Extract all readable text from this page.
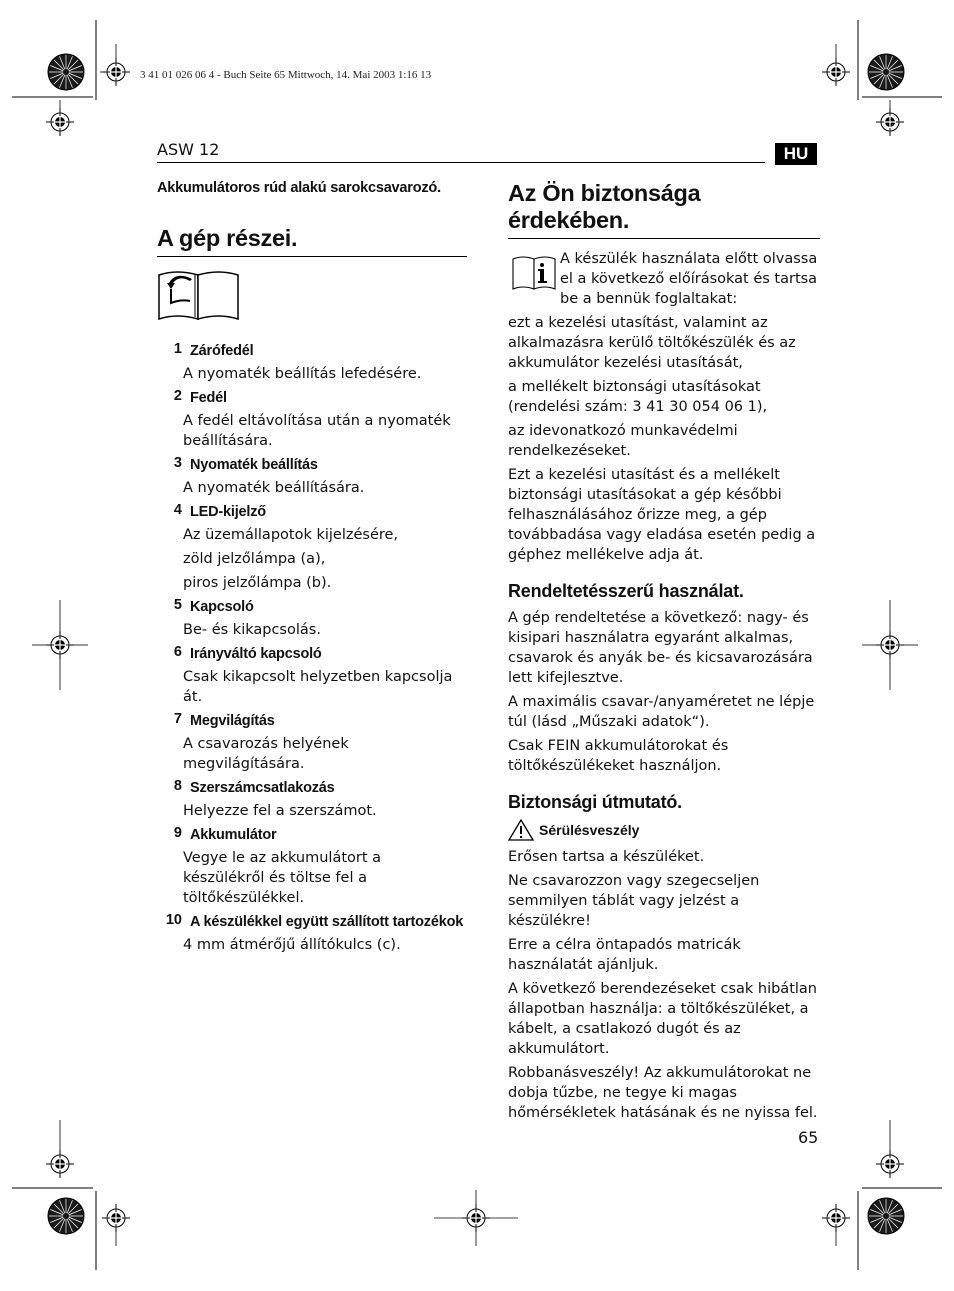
3 41 01 026 06 4 - Buch Seite 65 Mittwoch, 14. Mai 2003 1:16 13
ASW 12	HU

Akkumulátoros rúd alakú sarokcsavarozó.

A gép részei.
1 Zárófedél
A nyomaték beállítás lefedésére.
2 Fedél
A fedél eltávolítása után a nyomaték beállítására.
3 Nyomaték beállítás
A nyomaték beállítására.
4 LED-kijelző
Az üzemállapotok kijelzésére,
zöld jelzőlámpa (a),
piros jelzőlámpa (b).
5 Kapcsoló
Be- és kikapcsolás.
6 Irányváltó kapcsoló
Csak kikapcsolt helyzetben kapcsolja át.
7 Megvilágítás
A csavarozás helyének megvilágítására.
8 Szerszámcsatlakozás
Helyezze fel a szerszámot.
9 Akkumulátor
Vegye le az akkumulátort a készülékről és töltse fel a töltőkészülékkel.
10 A készülékkel együtt szállított tartozékok
4 mm átmérőjű állítókulcs (c).
Az Ön biztonsága érdekében.
A készülék használata előtt olvassa el a következő előírásokat és tartsa be a bennük foglaltakat:

ezt a kezelési utasítást, valamint az alkalmazásra kerülő töltőkészülék és az akkumulátor kezelési utasítását,

a mellékelt biztonsági utasításokat (rendelési szám: 3 41 30 054 06 1),

az idevonatkozó munkavédelmi rendelkezéseket.

Ezt a kezelési utasítást és a mellékelt biztonsági utasításokat a gép későbbi felhasználásához őrizze meg, a gép továbbadása vagy eladása esetén pedig a géphez mellékelve adja át.

Rendeltetésszerű használat.

A gép rendeltetése a következő: nagy- és kisipari használatra egyaránt alkalmas, csavarok és anyák be- és kicsavarozására lett kifejlesztve.

A maximális csavar-/anyaméretet ne lépje túl (lásd „Műszaki adatok“).

Csak FEIN akkumulátorokat és töltőkészülékeket használjon.

Biztonsági útmutató.
Sérülésveszély

Erősen tartsa a készüléket.

Ne csavarozzon vagy szegecseljen semmilyen táblát vagy jelzést a készülékre!

Erre a célra öntapadós matricák használatát ajánljuk.

A következő berendezéseket csak hibátlan állapotban használja: a töltőkészüléket, a kábelt, a csatlakozó dugót és az akkumulátort.

Robbanásveszély! Az akkumulátorokat ne dobja tűzbe, ne tegye ki magas hőmérsékletek hatásának és ne nyissa fel.

65
